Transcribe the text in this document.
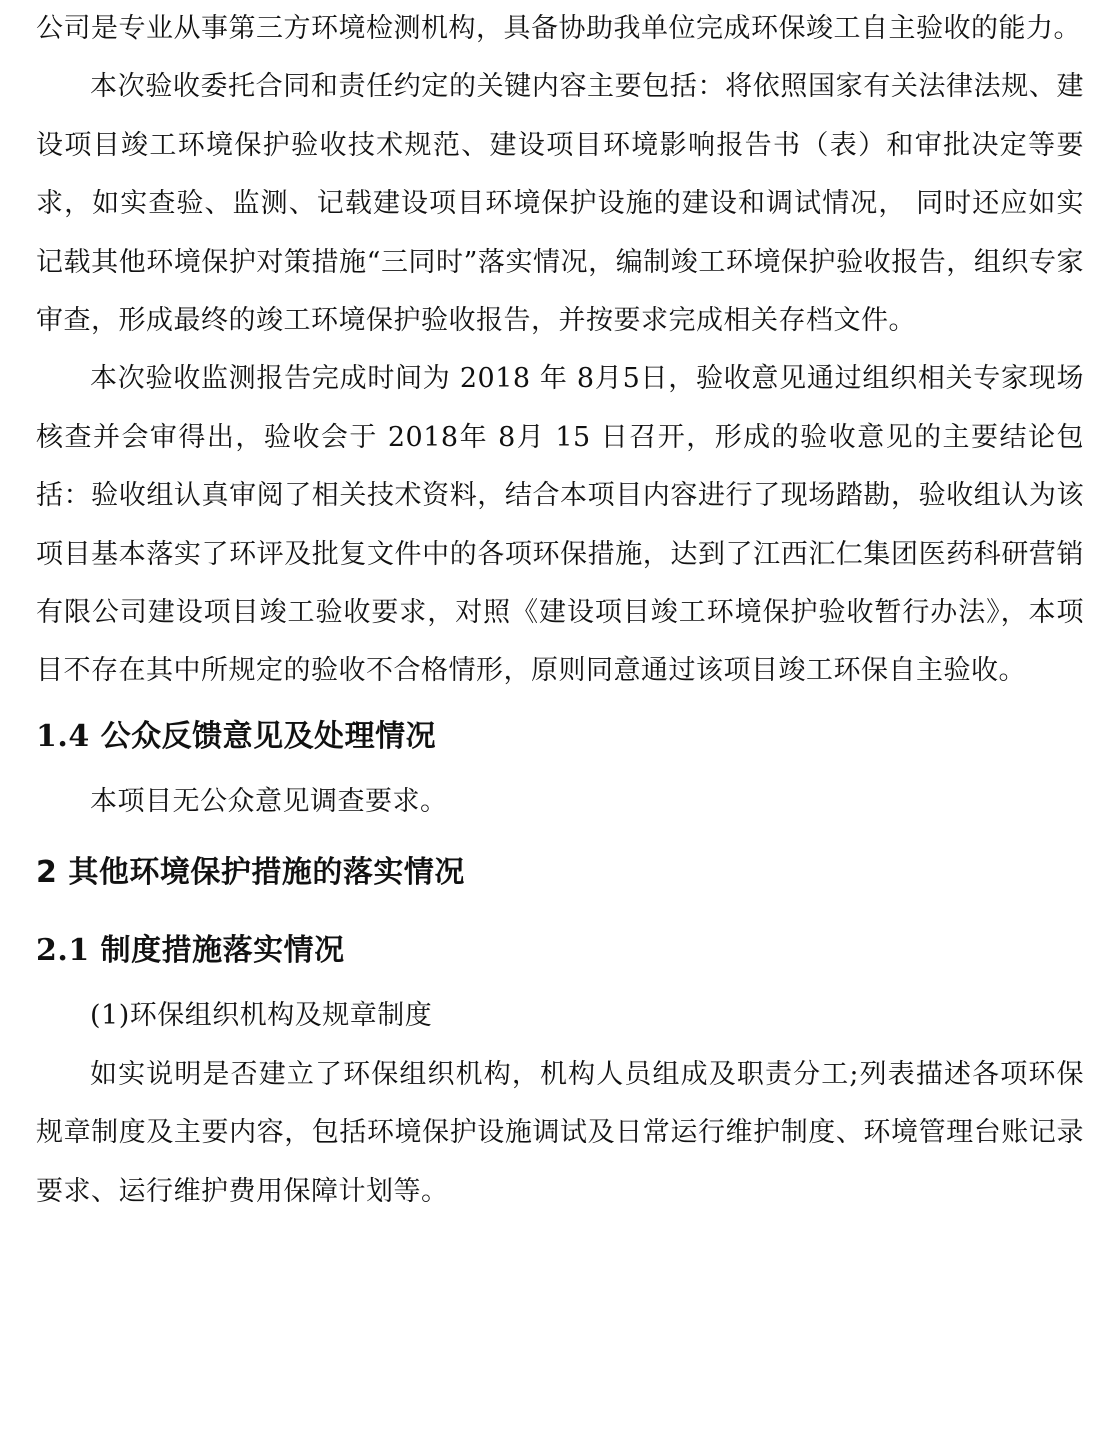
公司是专业从事第三方环境检测机构，具备协助我单位完成环保竣工自主验收的能力。

本次验收委托合同和责任约定的关键内容主要包括：将依照国家有关法律法规、建设项目竣工环境保护验收技术规范、建设项目环境影响报告书（表）和审批决定等要求，如实查验、监测、记载建设项目环境保护设施的建设和调试情况， 同时还应如实记载其他环境保护对策措施“三同时”落实情况，编制竣工环境保护验收报告，组织专家审查，形成最终的竣工环境保护验收报告，并按要求完成相关存档文件。

本次验收监测报告完成时间为 2018 年 8月5日，验收意见通过组织相关专家现场核查并会审得出，验收会于 2018年 8月 15 日召开，形成的验收意见的主要结论包括：验收组认真审阅了相关技术资料，结合本项目内容进行了现场踏勘，验收组认为该项目基本落实了环评及批复文件中的各项环保措施，达到了江西汇仁集团医药科研营销有限公司建设项目竣工验收要求，对照《建设项目竣工环境保护验收暂行办法》，本项目不存在其中所规定的验收不合格情形，原则同意通过该项目竣工环保自主验收。

1.4 公众反馈意见及处理情况

本项目无公众意见调查要求。

2 其他环境保护措施的落实情况
2.1 制度措施落实情况

(1)环保组织机构及规章制度

如实说明是否建立了环保组织机构，机构人员组成及职责分工;列表描述各项环保规章制度及主要内容，包括环境保护设施调试及日常运行维护制度、环境管理台账记录要求、运行维护费用保障计划等。
